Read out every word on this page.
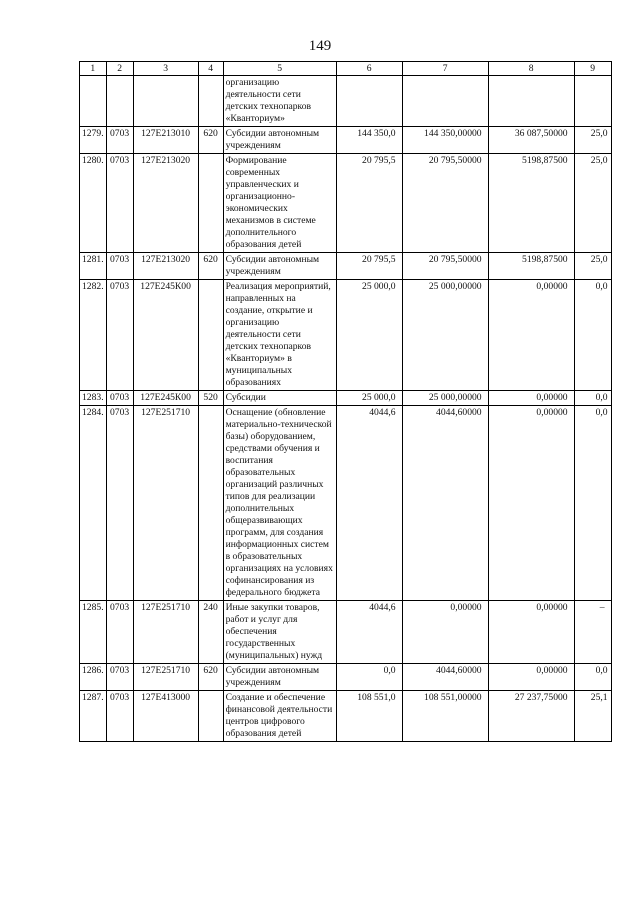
149
1	2	3	4	5	6	7	8	9
				организацию деятельности сети детских технопарков «Кванториум»				
1279.	0703	127E213010	620	Субсидии автономным учреждениям	144 350,0	144 350,00000	36 087,50000	25,0
1280.	0703	127E213020		Формирование современных управленческих и организационно-экономических механизмов в системе дополнительного образования детей	20 795,5	20 795,50000	5198,87500	25,0
1281.	0703	127E213020	620	Субсидии автономным учреждениям	20 795,5	20 795,50000	5198,87500	25,0
1282.	0703	127E245К00		Реализация мероприятий, направленных на создание, открытие и организацию деятельности сети детских технопарков «Кванториум» в муниципальных образованиях	25 000,0	25 000,00000	0,00000	0,0
1283.	0703	127E245К00	520	Субсидии	25 000,0	25 000,00000	0,00000	0,0
1284.	0703	127E251710		Оснащение (обновление материально-технической базы) оборудованием, средствами обучения и воспитания образовательных организаций различных типов для реализации дополнительных общеразвивающих программ, для создания информационных систем в образовательных организациях на условиях софинансирования из федерального бюджета	4044,6	4044,60000	0,00000	0,0
1285.	0703	127E251710	240	Иные закупки товаров, работ и услуг для обеспечения государственных (муниципальных) нужд	4044,6	0,00000	0,00000	–
1286.	0703	127E251710	620	Субсидии автономным учреждениям	0,0	4044,60000	0,00000	0,0
1287.	0703	127E413000		Создание и обеспечение финансовой деятельности центров цифрового образования детей	108 551,0	108 551,00000	27 237,75000	25,1
